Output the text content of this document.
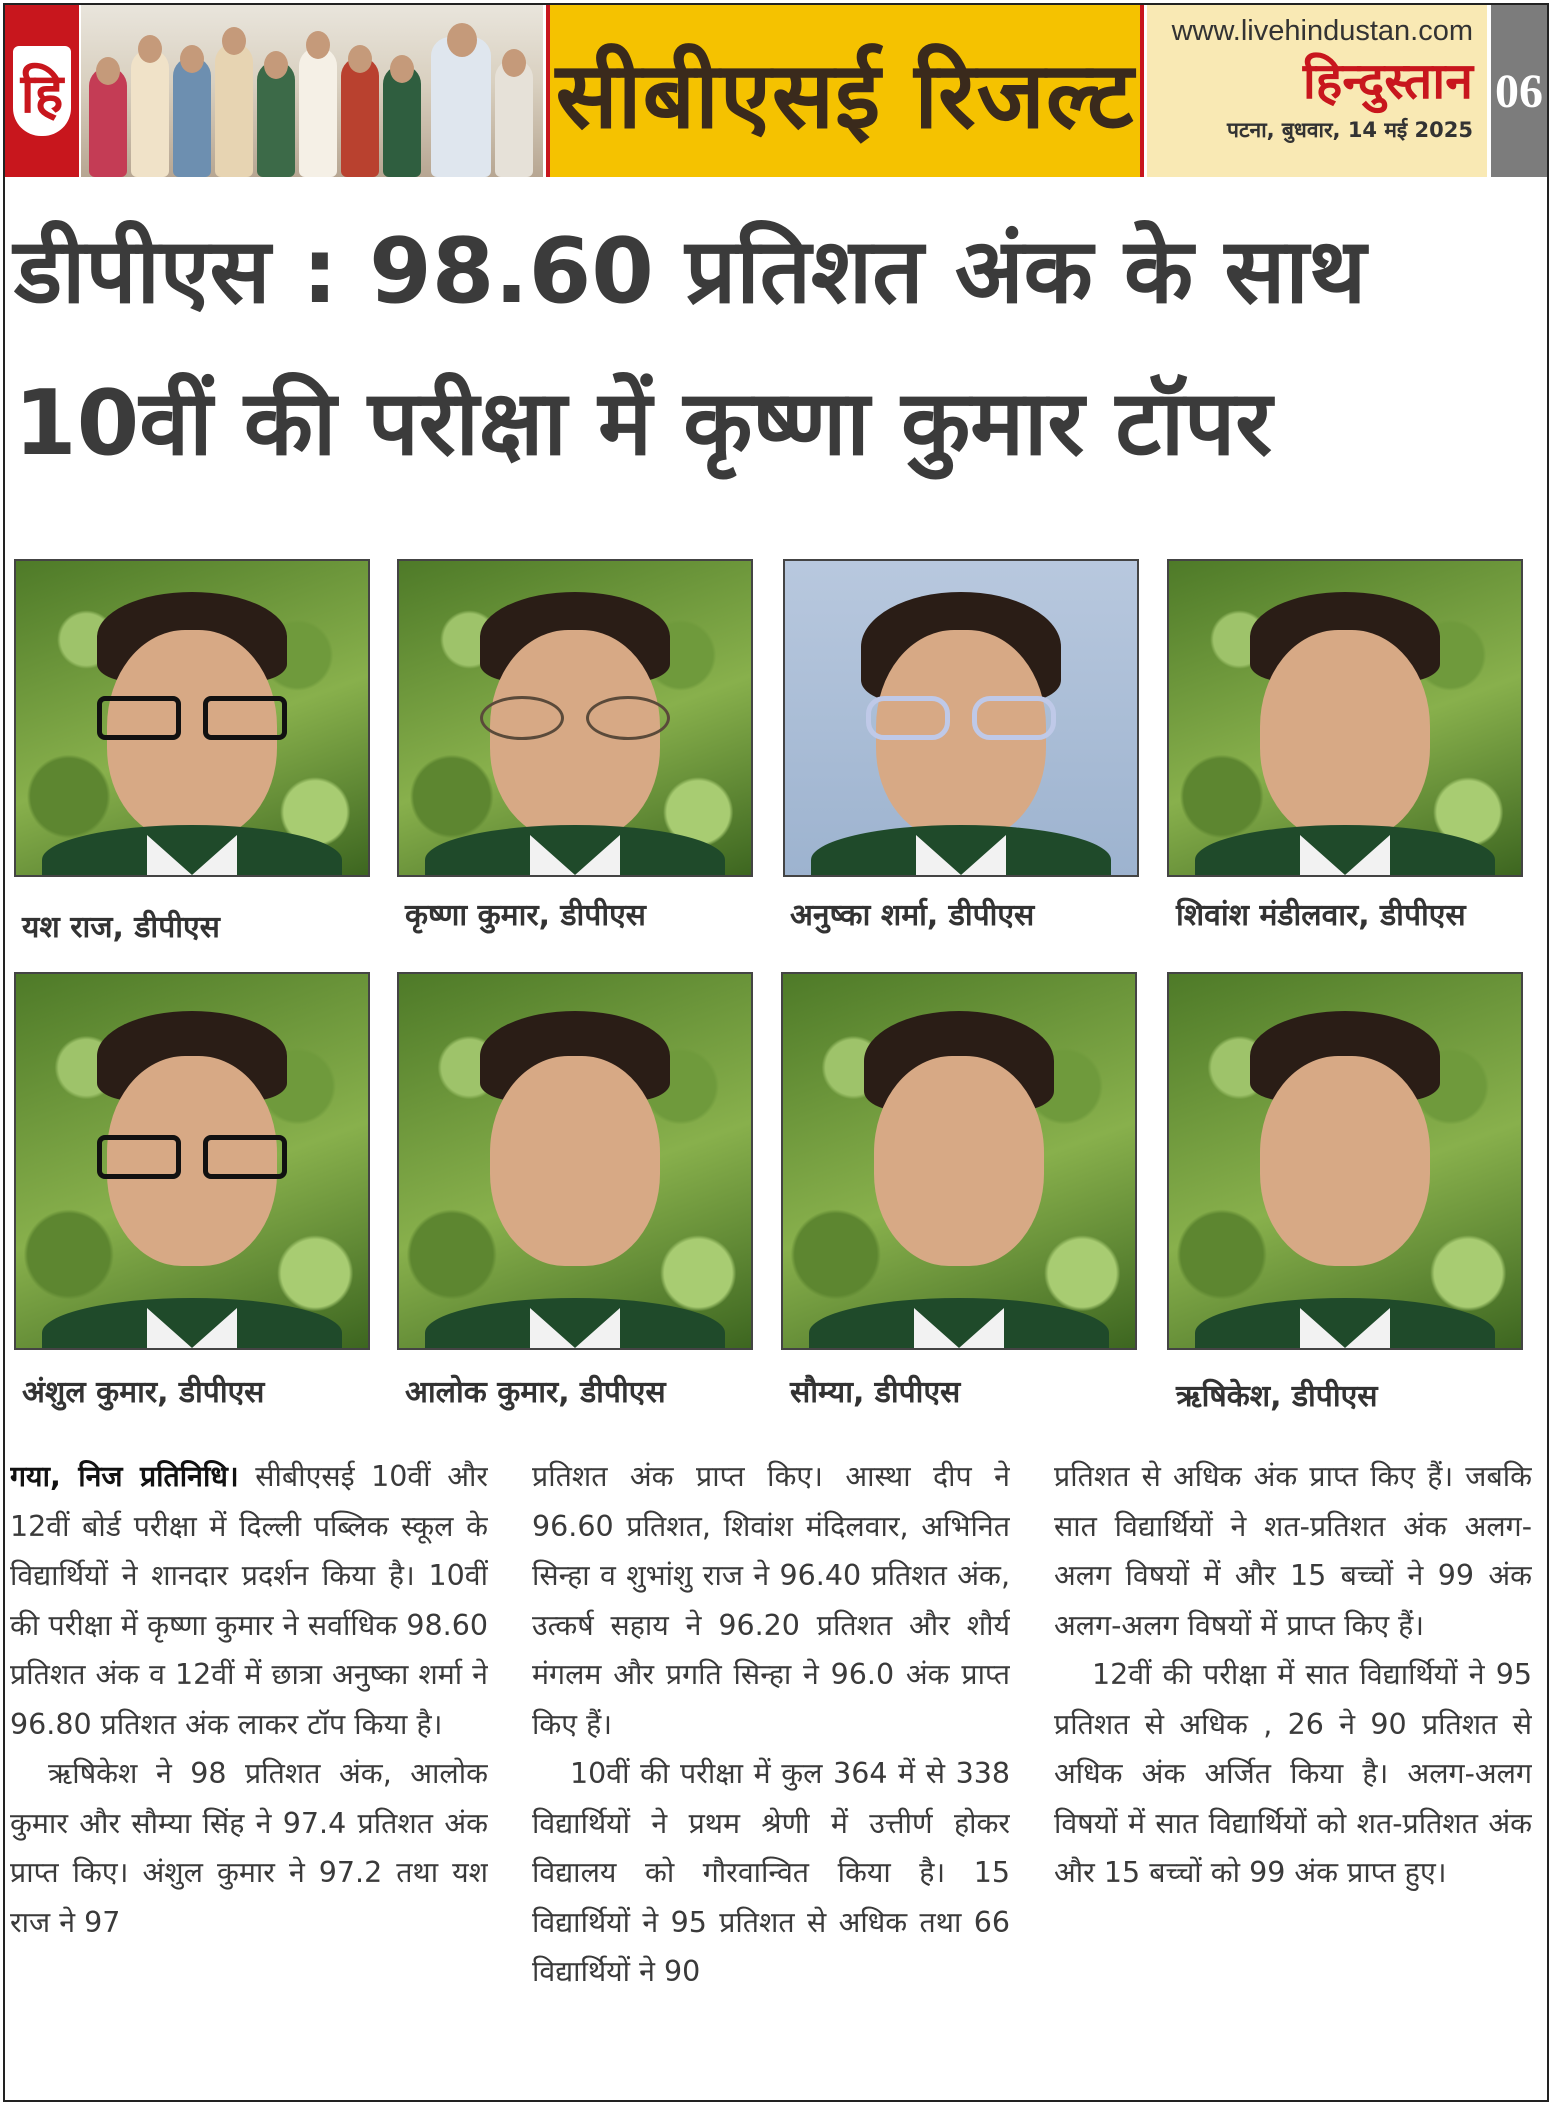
हि	सीबीएसई रिजल्ट
www.livehindustan.com
हिन्दुस्तान
पटना, बुधवार, 14 मई 2025
06
डीपीएस : 98.60 प्रतिशत अंक के साथ
10वीं की परीक्षा में कृष्णा कुमार टॉपर
यश राज, डीपीएस	कृष्णा कुमार, डीपीएस	अनुष्का शर्मा, डीपीएस	शिवांश मंडीलवार, डीपीएस
अंशुल कुमार, डीपीएस	आलोक कुमार, डीपीएस	सौम्या, डीपीएस	ऋषिकेश, डीपीएस

गया, निज प्रतिनिधि। सीबीएसई 10वीं और 12वीं बोर्ड परीक्षा में दिल्ली पब्लिक स्कूल के विद्यार्थियों ने शानदार प्रदर्शन किया है। 10वीं की परीक्षा में कृष्णा कुमार ने सर्वाधिक 98.60 प्रतिशत अंक व 12वीं में छात्रा अनुष्का शर्मा ने 96.80 प्रतिशत अंक लाकर टॉप किया है।

ऋषिकेश ने 98 प्रतिशत अंक, आलोक कुमार और सौम्या सिंह ने 97.4 प्रतिशत अंक प्राप्त किए। अंशुल कुमार ने 97.2 तथा यश राज ने 97

प्रतिशत अंक प्राप्त किए। आस्था दीप ने 96.60 प्रतिशत, शिवांश मंदिलवार, अभिनित सिन्हा व शुभांशु राज ने 96.40 प्रतिशत अंक, उत्कर्ष सहाय ने 96.20 प्रतिशत और शौर्य मंगलम और प्रगति सिन्हा ने 96.0 अंक प्राप्त किए हैं।

10वीं की परीक्षा में कुल 364 में से 338 विद्यार्थियों ने प्रथम श्रेणी में उत्तीर्ण होकर विद्यालय को गौरवान्वित किया है। 15 विद्यार्थियों ने 95 प्रतिशत से अधिक तथा 66 विद्यार्थियों ने 90

प्रतिशत से अधिक अंक प्राप्त किए हैं। जबकि सात विद्यार्थियों ने शत-प्रतिशत अंक अलग-अलग विषयों में और 15 बच्चों ने 99 अंक अलग-अलग विषयों में प्राप्त किए हैं।

12वीं की परीक्षा में सात विद्यार्थियों ने 95 प्रतिशत से अधिक , 26 ने 90 प्रतिशत से अधिक अंक अर्जित किया है। अलग-अलग विषयों में सात विद्यार्थियों को शत-प्रतिशत अंक और 15 बच्चों को 99 अंक प्राप्त हुए।
